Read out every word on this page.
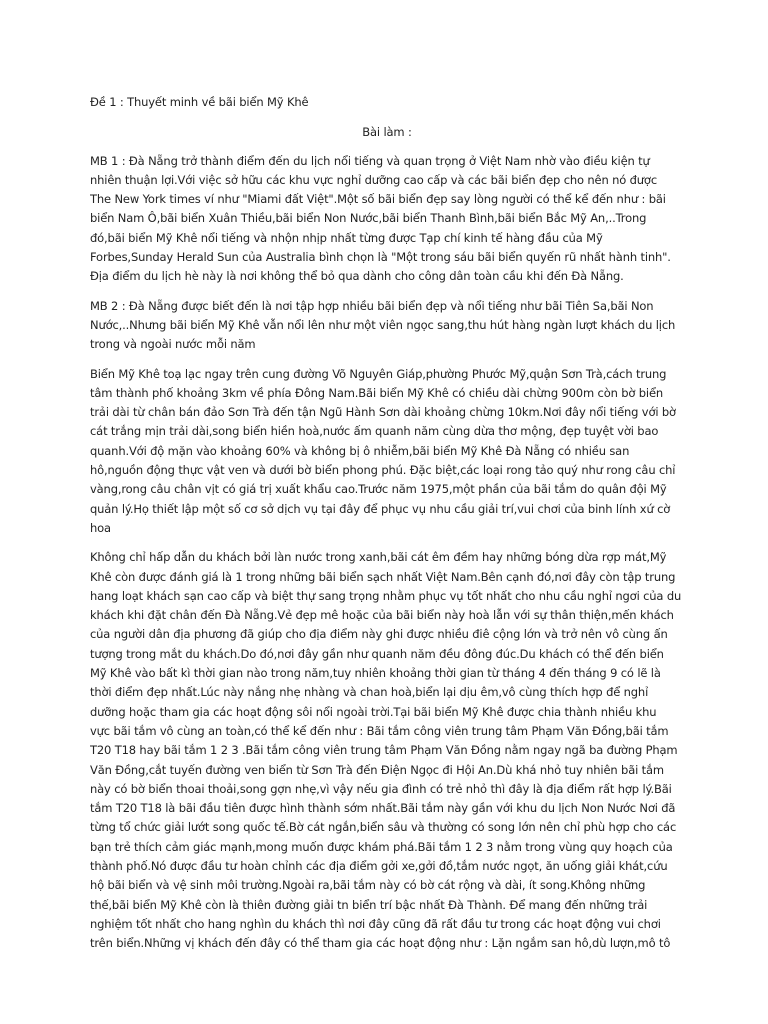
Đề 1 : Thuyết minh về bãi biển Mỹ Khê

Bài làm :

MB 1 : Đà Nẵng trở thành điểm đến du lịch nổi tiếng và quan trọng ở Việt Nam nhờ vào điều kiện tự

nhiên thuận lợi.Với việc sở hữu các khu vực nghỉ dưỡng cao cấp và các bãi biển đẹp cho nên nó được

The New York times ví như "Miami đất Việt".Một số bãi biển đẹp say lòng người có thể kể đến như : bãi

biển Nam Ô,bãi biển Xuân Thiều,bãi biển Non Nước,bãi biển Thanh Bình,bãi biển Bắc Mỹ An,..Trong

đó,bãi biển Mỹ Khê nổi tiếng và nhộn nhịp nhất từng được Tạp chí kinh tế hàng đầu của Mỹ

Forbes,Sunday Herald Sun của Australia bình chọn là "Một trong sáu bãi biển quyến rũ nhất hành tinh".

Địa điểm du lịch hè này là nơi không thể bỏ qua dành cho công dân toàn cầu khi đến Đà Nẵng.

MB 2 : Đà Nẵng được biết đến là nơi tập hợp nhiều bãi biển đẹp và nổi tiếng như bãi Tiên Sa,bãi Non

Nước,..Nhưng bãi biển Mỹ Khê vẫn nổi lên như một viên ngọc sang,thu hút hàng ngàn lượt khách du lịch

trong và ngoài nước mỗi năm

Biển Mỹ Khê toạ lạc ngay trên cung đường Võ Nguyên Giáp,phường Phước Mỹ,quận Sơn Trà,cách trung

tâm thành phố khoảng 3km về phía Đông Nam.Bãi biển Mỹ Khê có chiều dài chừng 900m còn bờ biển

trải dài từ chân bán đảo Sơn Trà đến tận Ngũ Hành Sơn dài khoảng chừng 10km.Nơi đây nổi tiếng với bờ

cát trắng mịn trải dài,song biển hiền hoà,nước ấm quanh năm cùng dừa thơ mộng, đẹp tuyệt vời bao

quanh.Với độ mặn vào khoảng 60% và không bị ô nhiễm,bãi biển Mỹ Khê Đà Nẵng có nhiều san

hô,nguồn động thực vật ven và dưới bờ biển phong phú. Đặc biệt,các loại rong tảo quý như rong câu chỉ

vàng,rong câu chân vịt có giá trị xuất khẩu cao.Trước năm 1975,một phần của bãi tắm do quân đội Mỹ

quản lý.Họ thiết lập một số cơ sở dịch vụ tại đây để phục vụ nhu cầu giải trí,vui chơi của binh lính xứ cờ

hoa

Không chỉ hấp dẫn du khách bởi làn nước trong xanh,bãi cát êm đềm hay những bóng dừa rợp mát,Mỹ

Khê còn được đánh giá là 1 trong những bãi biển sạch nhất Việt Nam.Bên cạnh đó,nơi đây còn tập trung

hang loạt khách sạn cao cấp và biệt thự sang trọng nhằm phục vụ tốt nhất cho nhu cầu nghỉ ngơi của du

khách khi đặt chân đến Đà Nẵng.Vẻ đẹp mê hoặc của bãi biển này hoà lẫn với sự thân thiện,mến khách

của người dân địa phương đã giúp cho địa điểm này ghi được nhiều điê cộng lớn và trở nên vô cùng ấn

tượng trong mắt du khách.Do đó,nơi đây gần như quanh năm đều đông đúc.Du khách có thể đến biển

Mỹ Khê vào bất kì thời gian nào trong năm,tuy nhiên khoảng thời gian từ tháng 4 đến tháng 9 có lẽ là

thời điểm đẹp nhất.Lúc này nắng nhẹ nhàng và chan hoà,biển lại dịu êm,vô cùng thích hợp để nghỉ

dưỡng hoặc tham gia các hoạt động sôi nổi ngoài trời.Tại bãi biển Mỹ Khê được chia thành nhiều khu

vực bãi tắm vô cùng an toàn,có thể kể đến như : Bãi tắm công viên trung tâm Phạm Văn Đồng,bãi tắm

T20 T18 hay bãi tắm 1 2 3 .Bãi tắm công viên trung tâm Phạm Văn Đồng nằm ngay ngã ba đường Phạm

Văn Đồng,cắt tuyến đường ven biển từ Sơn Trà đến Điện Ngọc đi Hội An.Dù khá nhỏ tuy nhiên bãi tắm

này có bờ biển thoai thoải,song gợn nhẹ,vì vậy nếu gia đình có trẻ nhỏ thì đây là địa điểm rất hợp lý.Bãi

tắm T20 T18 là bãi đầu tiên được hình thành sớm nhất.Bãi tắm này gần với khu du lịch Non Nước Nơi đã

từng tổ chức giải lướt song quốc tế.Bờ cát ngắn,biển sâu và thường có song lớn nên chỉ phù hợp cho các

bạn trẻ thích cảm giác mạnh,mong muốn được khám phá.Bãi tắm 1 2 3 nằm trong vùng quy hoạch của

thành phố.Nó được đầu tư hoàn chỉnh các địa điểm gởi xe,gởi đồ,tắm nước ngọt, ăn uống giải khát,cứu

hộ bãi biển và vệ sinh môi trường.Ngoài ra,bãi tắm này có bờ cát rộng và dài, ít song.Không những

thế,bãi biển Mỹ Khê còn là thiên đường giải tn biển trí bậc nhất Đà Thành. Để mang đến những trải

nghiệm tốt nhất cho hang nghìn du khách thì nơi đây cũng đã rất đầu tư trong các hoạt động vui chơi

trên biển.Những vị khách đến đây có thể tham gia các hoạt động như : Lặn ngắm san hô,dù lượn,mô tô
